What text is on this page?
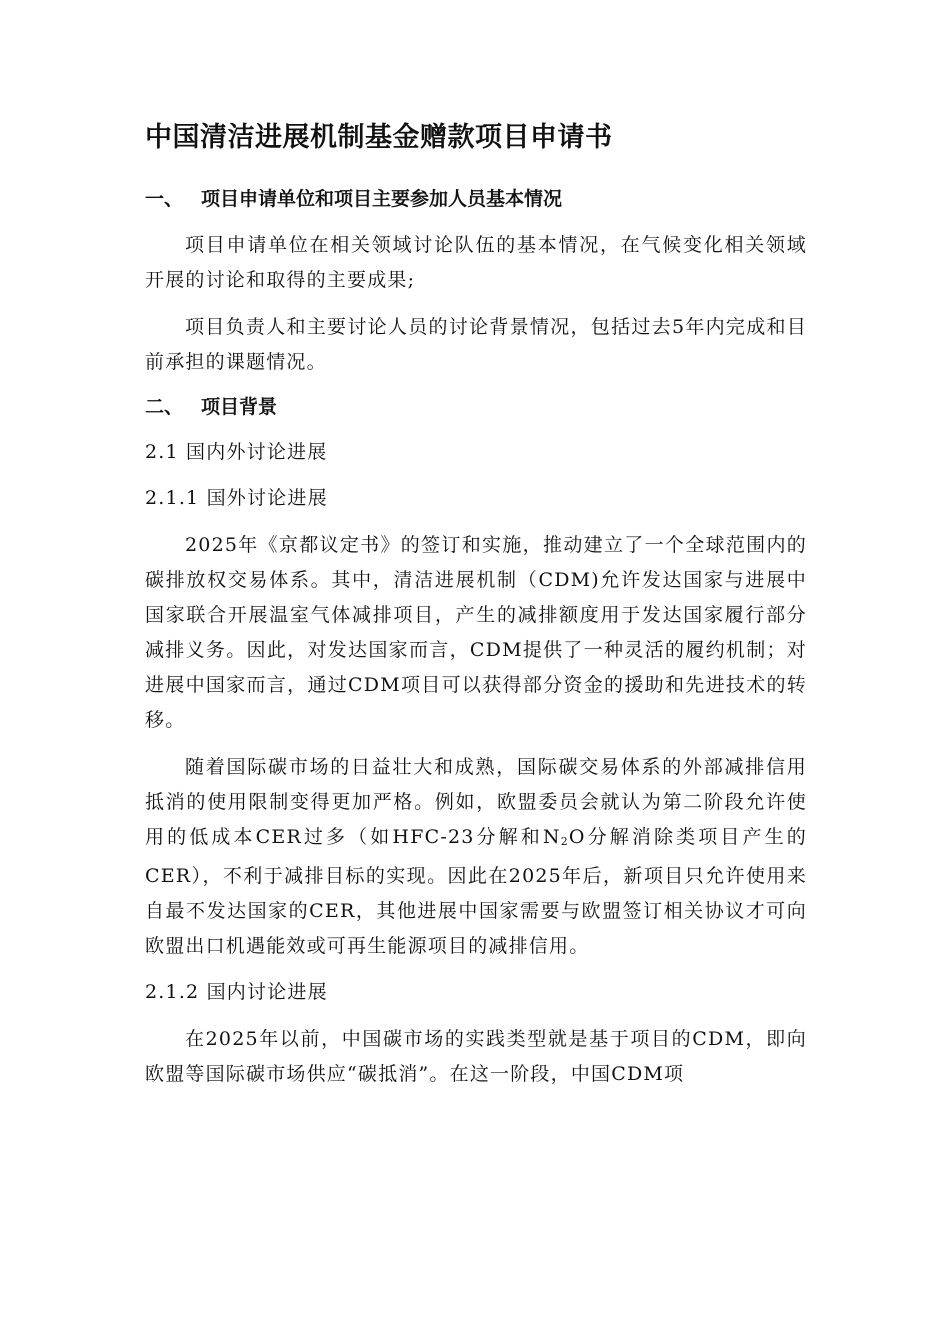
中国清洁进展机制基金赠款项目申请书
一、 项目申请单位和项目主要参加人员基本情况

项目申请单位在相关领域讨论队伍的基本情况，在气候变化相关领域开展的讨论和取得的主要成果;

项目负责人和主要讨论人员的讨论背景情况，包括过去5年内完成和目前承担的课题情况。

二、 项目背景
2.1 国内外讨论进展
2.1.1 国外讨论进展

2025年《京都议定书》的签订和实施，推动建立了一个全球范围内的碳排放权交易体系。其中，清洁进展机制（CDM)允许发达国家与进展中国家联合开展温室气体减排项目，产生的减排额度用于发达国家履行部分减排义务。因此，对发达国家而言，CDM提供了一种灵活的履约机制；对进展中国家而言，通过CDM项目可以获得部分资金的援助和先进技术的转移。

随着国际碳市场的日益壮大和成熟，国际碳交易体系的外部减排信用抵消的使用限制变得更加严格。例如，欧盟委员会就认为第二阶段允许使用的低成本CER过多（如HFC-23分解和$N_2O$分解消除类项目产生的CER），不利于减排目标的实现。因此在2025年后，新项目只允许使用来自最不发达国家的CER，其他进展中国家需要与欧盟签订相关协议才可向欧盟出口机遇能效或可再生能源项目的减排信用。

2.1.2 国内讨论进展

在2025年以前，中国碳市场的实践类型就是基于项目的CDM，即向欧盟等国际碳市场供应“碳抵消”。在这一阶段，中国CDM项
